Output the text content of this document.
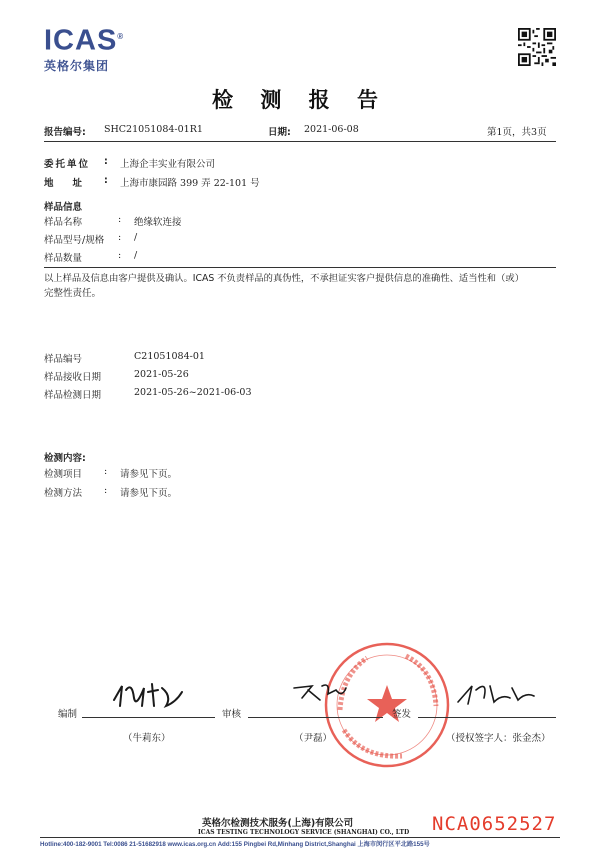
ICAS®
英格尔集团
检 测 报 告
报告编号: SHC21051084-01R1	日期: 2021-06-08	第1页，共3页
委托单位 : 上海企丰实业有限公司
地　　址 : 上海市康园路 399 弄 22-101 号
样品信息
样品名称	: 绝缘软连接
样品型号/规格 : /
样品数量	: /
以上样品及信息由客户提供及确认。ICAS 不负责样品的真伪性，不承担证实客户提供信息的准确性、适当性和（或）
完整性责任。
样品编号	C21051084-01
样品接收日期	2021-05-26
样品检测日期	2021-05-26~2021-06-03
检测内容:
检测项目 : 请参见下页。
检测方法 : 请参见下页。
编制
（牛莉东）
审核
（尹磊）
签发
（授权签字人：张金杰）
英格尔检测技术服务(上海)有限公司
ICAS TESTING TECHNOLOGY SERVICE (SHANGHAI) CO., LTD
Hotline:400-182-9001 Tel:0086 21-51682918 www.icas.org.cn Add:155 Pingbei Rd,Minhang District,Shanghai 上海市闵行区平北路155号
NCA0652527
